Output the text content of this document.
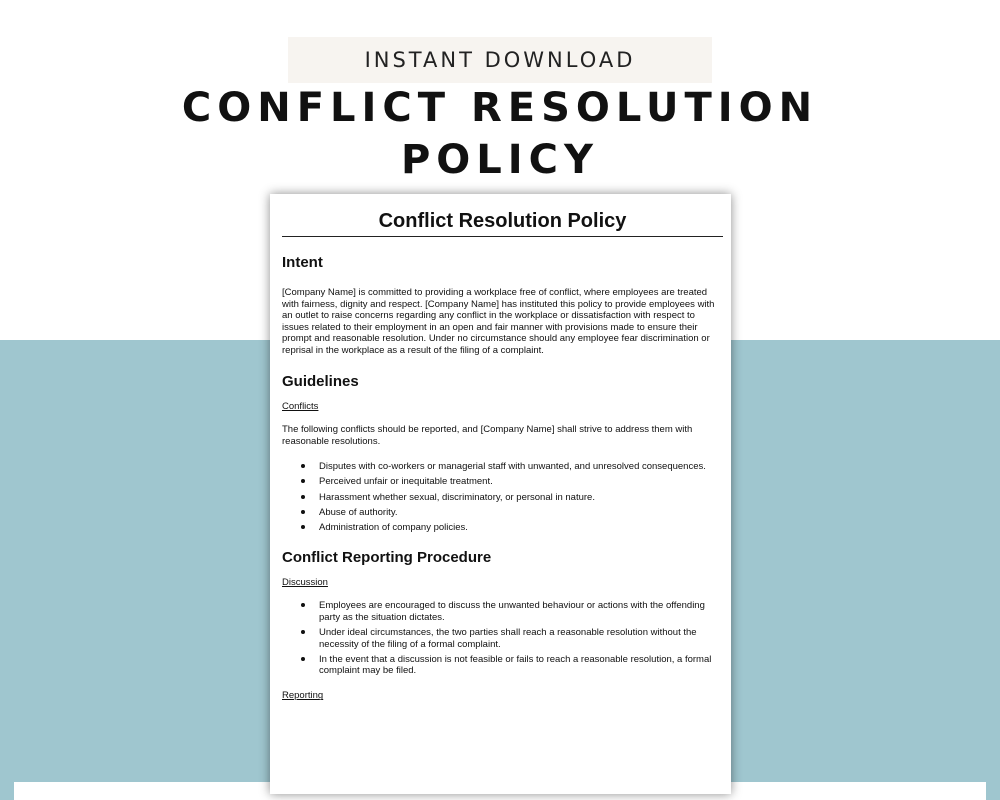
INSTANT DOWNLOAD
CONFLICT RESOLUTION
POLICY
Conflict Resolution Policy

Intent

[Company Name] is committed to providing a workplace free of conflict, where employees are treated with fairness, dignity and respect. [Company Name] has instituted this policy to provide employees with an outlet to raise concerns regarding any conflict in the workplace or dissatisfaction with respect to issues related to their employment in an open and fair manner with provisions made to ensure their prompt and reasonable resolution. Under no circumstance should any employee fear discrimination or reprisal in the workplace as a result of the filing of a complaint.

Guidelines

Conflicts

The following conflicts should be reported, and [Company Name] shall strive to address them with reasonable resolutions.

Disputes with co-workers or managerial staff with unwanted, and unresolved consequences.
Perceived unfair or inequitable treatment.
Harassment whether sexual, discriminatory, or personal in nature.
Abuse of authority.
Administration of company policies.

Conflict Reporting Procedure

Discussion

Employees are encouraged to discuss the unwanted behaviour or actions with the offending party as the situation dictates.
Under ideal circumstances, the two parties shall reach a reasonable resolution without the necessity of the filing of a formal complaint.
In the event that a discussion is not feasible or fails to reach a reasonable resolution, a formal complaint may be filed.

Reporting
